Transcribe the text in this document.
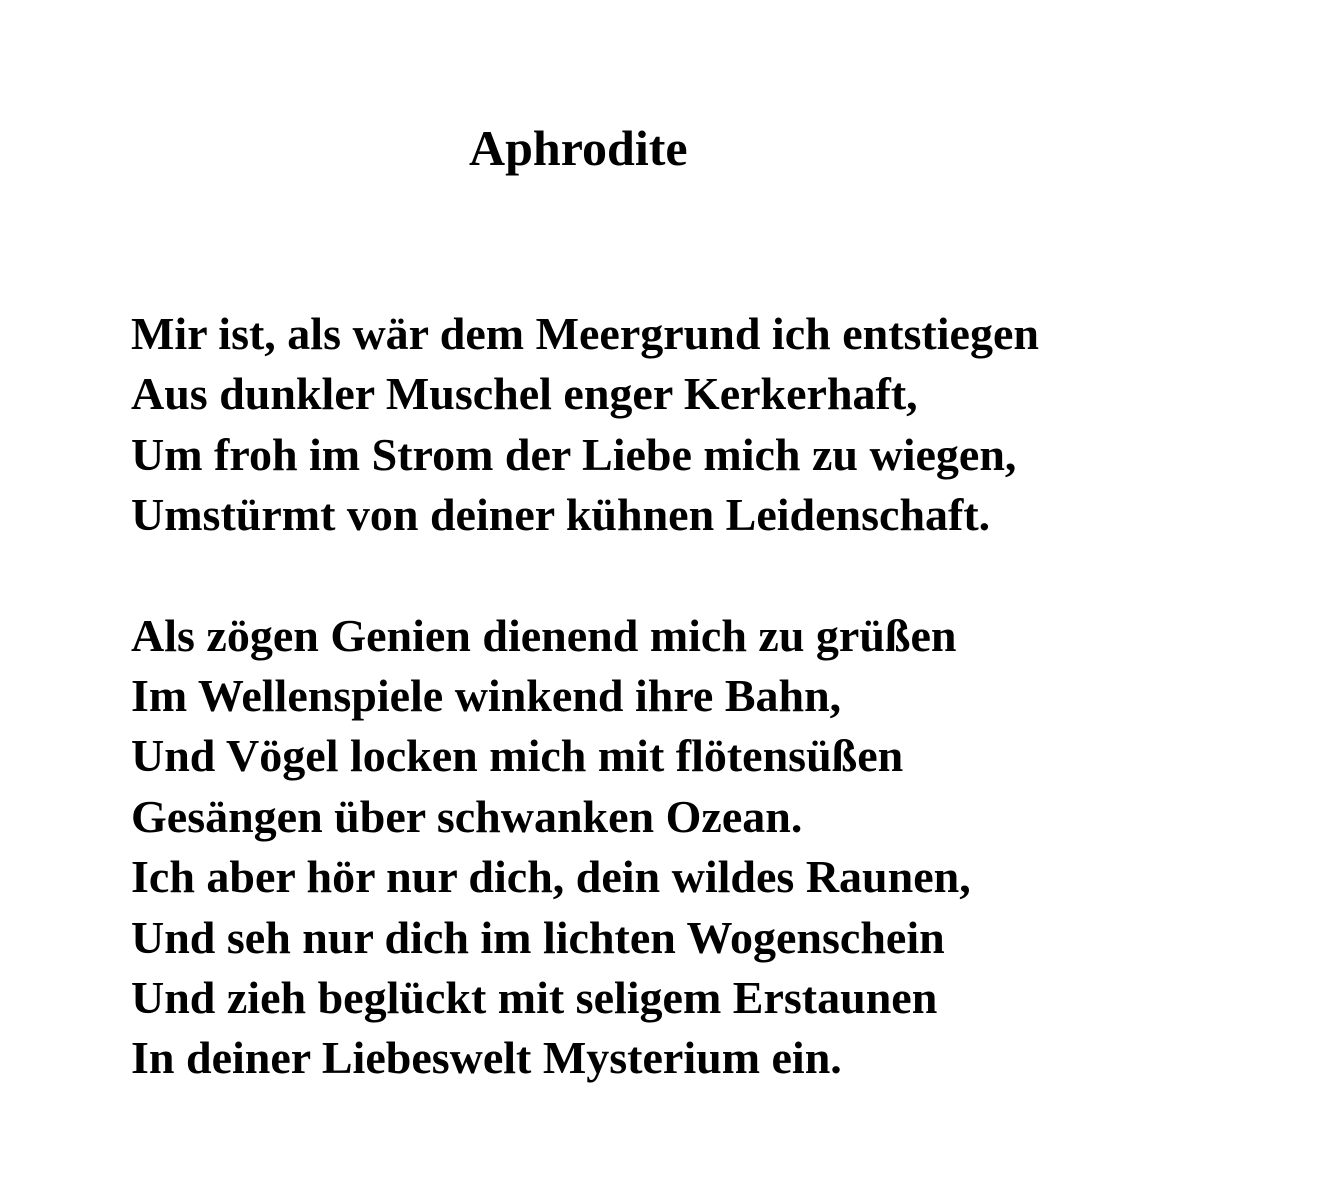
Aphrodite
Mir ist, als wär dem Meergrund ich entstiegen
Aus dunkler Muschel enger Kerkerhaft,
Um froh im Strom der Liebe mich zu wiegen,
Umstürmt von deiner kühnen Leidenschaft.
Als zögen Genien dienend mich zu grüßen
Im Wellenspiele winkend ihre Bahn,
Und Vögel locken mich mit flötensüßen
Gesängen über schwanken Ozean.
Ich aber hör nur dich, dein wildes Raunen,
Und seh nur dich im lichten Wogenschein
Und zieh beglückt mit seligem Erstaunen
In deiner Liebeswelt Mysterium ein.
